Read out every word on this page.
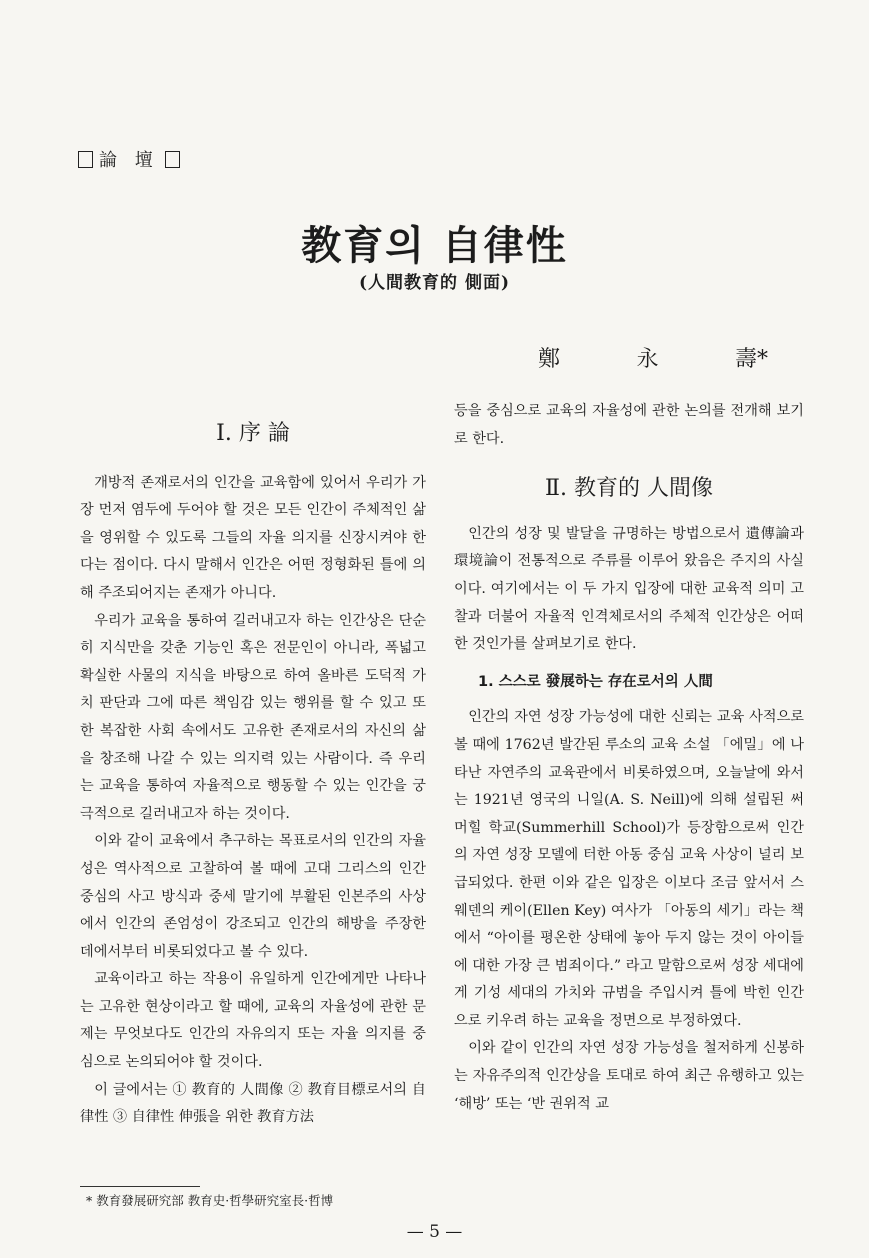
論 壇
教育의 自律性
(人間教育的 側面)
鄭	永	壽*

Ⅰ. 序 論

개방적 존재로서의 인간을 교육함에 있어서 우리가 가장 먼저 염두에 두어야 할 것은 모든 인간이 주체적인 삶을 영위할 수 있도록 그들의 자율 의지를 신장시켜야 한다는 점이다. 다시 말해서 인간은 어떤 정형화된 틀에 의해 주조되어지는 존재가 아니다.

우리가 교육을 통하여 길러내고자 하는 인간상은 단순히 지식만을 갖춘 기능인 혹은 전문인이 아니라, 폭넓고 확실한 사물의 지식을 바탕으로 하여 올바른 도덕적 가치 판단과 그에 따른 책임감 있는 행위를 할 수 있고 또한 복잡한 사회 속에서도 고유한 존재로서의 자신의 삶을 창조해 나갈 수 있는 의지력 있는 사람이다. 즉 우리는 교육을 통하여 자율적으로 행동할 수 있는 인간을 궁극적으로 길러내고자 하는 것이다.

이와 같이 교육에서 추구하는 목표로서의 인간의 자율성은 역사적으로 고찰하여 볼 때에 고대 그리스의 인간 중심의 사고 방식과 중세 말기에 부활된 인본주의 사상에서 인간의 존엄성이 강조되고 인간의 해방을 주장한 데에서부터 비롯되었다고 볼 수 있다.

교육이라고 하는 작용이 유일하게 인간에게만 나타나는 고유한 현상이라고 할 때에, 교육의 자율성에 관한 문제는 무엇보다도 인간의 자유의지 또는 자율 의지를 중심으로 논의되어야 할 것이다.

이 글에서는 ① 教育的 人間像 ② 教育目標로서의 自律性 ③ 自律性 伸張을 위한 教育方法

등을 중심으로 교육의 자율성에 관한 논의를 전개해 보기로 한다.

Ⅱ. 教育的 人間像

인간의 성장 및 발달을 규명하는 방법으로서 遺傳論과 環境論이 전통적으로 주류를 이루어 왔음은 주지의 사실이다. 여기에서는 이 두 가지 입장에 대한 교육적 의미 고찰과 더불어 자율적 인격체로서의 주체적 인간상은 어떠한 것인가를 살펴보기로 한다.

1. 스스로 發展하는 存在로서의 人間

인간의 자연 성장 가능성에 대한 신뢰는 교육 사적으로 볼 때에 1762년 발간된 루소의 교육 소설 「에밀」에 나타난 자연주의 교육관에서 비롯하였으며, 오늘날에 와서는 1921년 영국의 니일(A. S. Neill)에 의해 설립된 써머힐 학교(Summerhill School)가 등장함으로써 인간의 자연 성장 모델에 터한 아동 중심 교육 사상이 널리 보급되었다. 한편 이와 같은 입장은 이보다 조금 앞서서 스웨덴의 케이(Ellen Key) 여사가 「아동의 세기」라는 책에서 “아이를 평온한 상태에 놓아 두지 않는 것이 아이들에 대한 가장 큰 범죄이다.” 라고 말함으로써 성장 세대에게 기성 세대의 가치와 규범을 주입시켜 틀에 박힌 인간으로 키우려 하는 교육을 정면으로 부정하였다.

이와 같이 인간의 자연 성장 가능성을 철저하게 신봉하는 자유주의적 인간상을 토대로 하여 최근 유행하고 있는 ‘해방’ 또는 ‘반 권위적 교

* 教育發展研究部 教育史·哲學研究室長·哲博
— 5 —
